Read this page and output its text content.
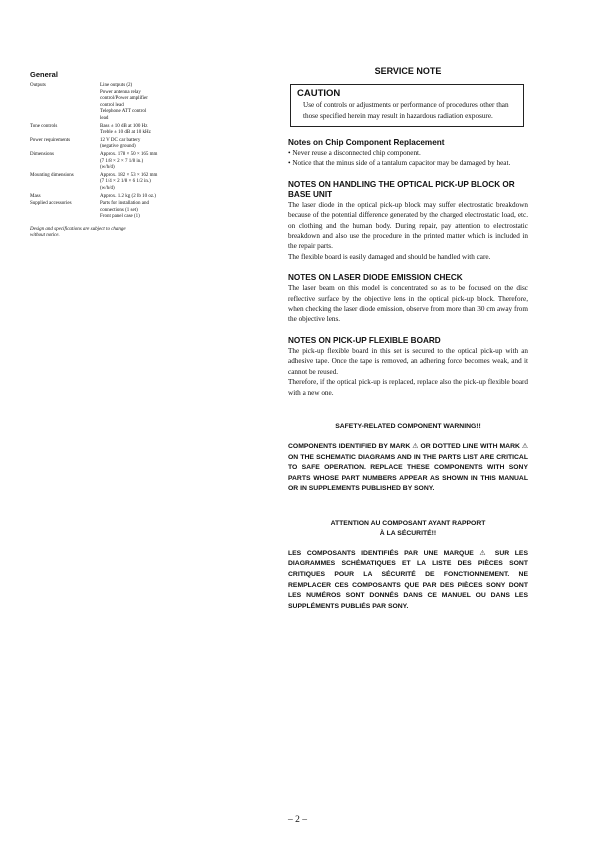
General
Outputs	Line outputs (2)
Power antenna relay
control/Power amplifier
control lead
Telephone ATT control
lead
Tone controls	Bass ± 10 dB at 100 Hz
Treble ± 10 dB at 10 kHz
Power requirements	12 V DC car battery
(negative ground)
Dimensions	Approx. 178 × 50 × 165 mm
(7 1/8 × 2 × 7 1/8 in.)
(w/h/d)
Mounting dimensions	Approx. 182 × 53 × 162 mm
(7 1/4 × 2 1/8 × 6 1/2 in.)
(w/h/d)
Mass	Approx. 1.2 kg (2 lb 10 oz.)
Supplied accessories	Parts for installation and
connections (1 set)
Front panel case (1)
Design and specifications are subject to change without notice.
SERVICE NOTE
CAUTION
Use of controls or adjustments or performance of procedures other than those specified herein may result in hazardous radiation exposure.
Notes on Chip Component Replacement
• Never reuse a disconnected chip component.
• Notice that the minus side of a tantalum capacitor may be damaged by heat.
NOTES ON HANDLING THE OPTICAL PICK-UP BLOCK OR BASE UNIT
The laser diode in the optical pick-up block may suffer electrostatic breakdown because of the potential difference generated by the charged electrostatic load, etc. on clothing and the human body. During repair, pay attention to electrostatic breakdown and also use the procedure in the printed matter which is included in the repair parts.
The flexible board is easily damaged and should be handled with care.
NOTES ON LASER DIODE EMISSION CHECK
The laser beam on this model is concentrated so as to be focused on the disc reflective surface by the objective lens in the optical pick-up block. Therefore, when checking the laser diode emission, observe from more than 30 cm away from the objective lens.
NOTES ON PICK-UP FLEXIBLE BOARD
The pick-up flexible board in this set is secured to the optical pick-up with an adhesive tape. Once the tape is removed, an adhering force becomes weak, and it cannot be reused.
Therefore, if the optical pick-up is replaced, replace also the pick-up flexible board with a new one.
SAFETY-RELATED COMPONENT WARNING!!
COMPONENTS IDENTIFIED BY MARK ⚠ OR DOTTED LINE WITH MARK ⚠ ON THE SCHEMATIC DIAGRAMS AND IN THE PARTS LIST ARE CRITICAL TO SAFE OPERATION. REPLACE THESE COMPONENTS WITH SONY PARTS WHOSE PART NUMBERS APPEAR AS SHOWN IN THIS MANUAL OR IN SUPPLEMENTS PUBLISHED BY SONY.
ATTENTION AU COMPOSANT AYANT RAPPORT
À LA SÉCURITÉ!!
LES COMPOSANTS IDENTIFIÉS PAR UNE MARQUE ⚠ SUR LES DIAGRAMMES SCHÉMATIQUES ET LA LISTE DES PIÈCES SONT CRITIQUES POUR LA SÉCURITÉ DE FONCTIONNEMENT. NE REMPLACER CES COMPOSANTS QUE PAR DES PIÈCES SONY DONT LES NUMÉROS SONT DONNÉS DANS CE MANUEL OU DANS LES SUPPLÉMENTS PUBLIÉS PAR SONY.
– 2 –
